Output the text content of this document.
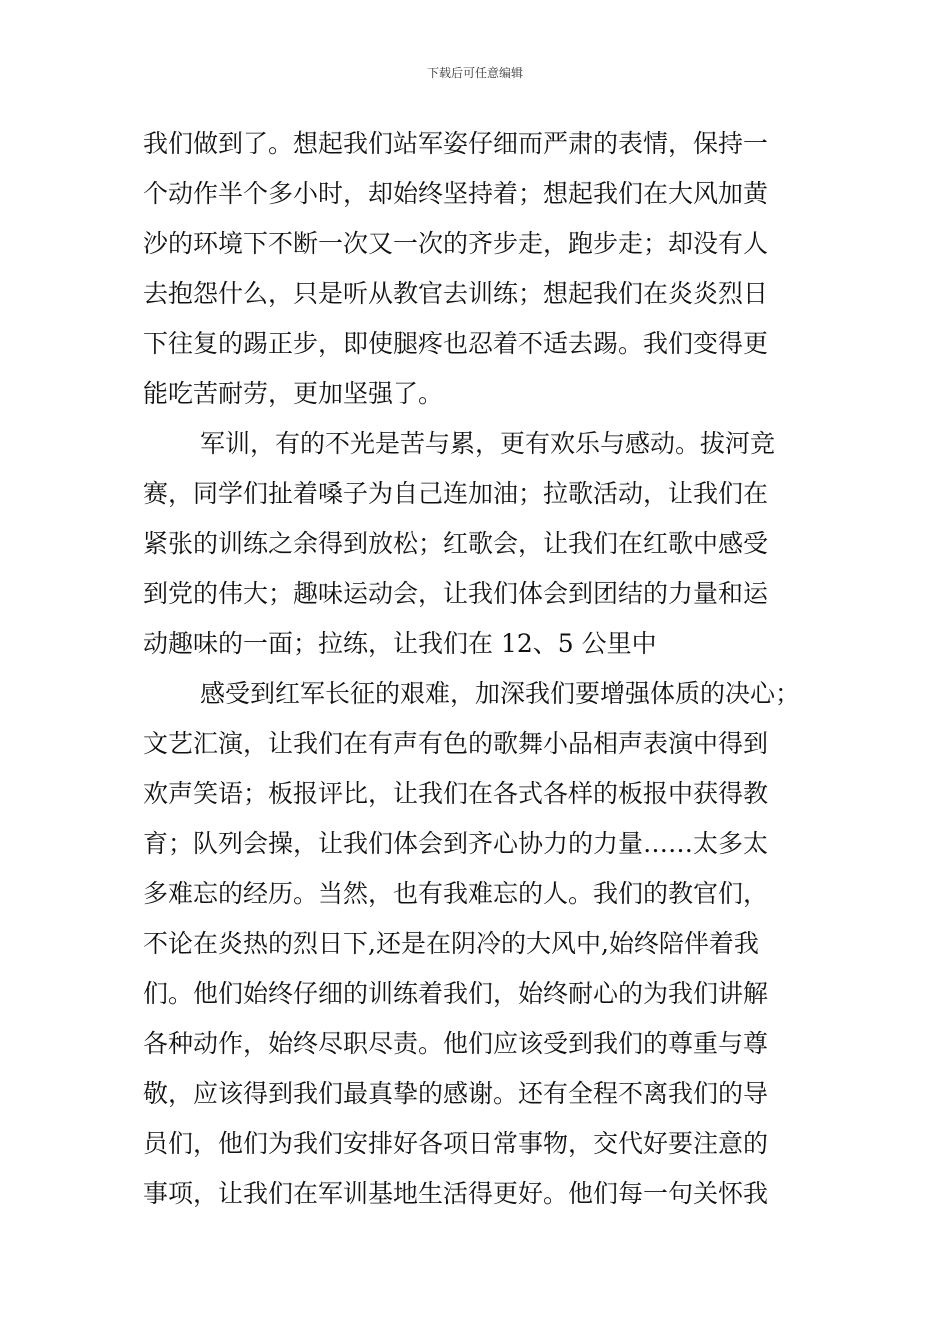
下载后可任意编辑
我们做到了。想起我们站军姿仔细而严肃的表情，保持一
个动作半个多小时，却始终坚持着；想起我们在大风加黄
沙的环境下不断一次又一次的齐步走，跑步走；却没有人
去抱怨什么，只是听从教官去训练；想起我们在炎炎烈日
下往复的踢正步，即使腿疼也忍着不适去踢。我们变得更
能吃苦耐劳，更加坚强了。
军训，有的不光是苦与累，更有欢乐与感动。拔河竞
赛，同学们扯着嗓子为自己连加油；拉歌活动，让我们在
紧张的训练之余得到放松；红歌会，让我们在红歌中感受
到党的伟大；趣味运动会，让我们体会到团结的力量和运
动趣味的一面；拉练，让我们在 12、5 公里中
感受到红军长征的艰难，加深我们要增强体质的决心；
文艺汇演，让我们在有声有色的歌舞小品相声表演中得到
欢声笑语；板报评比，让我们在各式各样的板报中获得教
育；队列会操，让我们体会到齐心协力的力量……太多太
多难忘的经历。当然，也有我难忘的人。我们的教官们，
不论在炎热的烈日下,还是在阴冷的大风中,始终陪伴着我
们。他们始终仔细的训练着我们，始终耐心的为我们讲解
各种动作，始终尽职尽责。他们应该受到我们的尊重与尊
敬，应该得到我们最真挚的感谢。还有全程不离我们的导
员们，他们为我们安排好各项日常事物，交代好要注意的
事项，让我们在军训基地生活得更好。他们每一句关怀我
